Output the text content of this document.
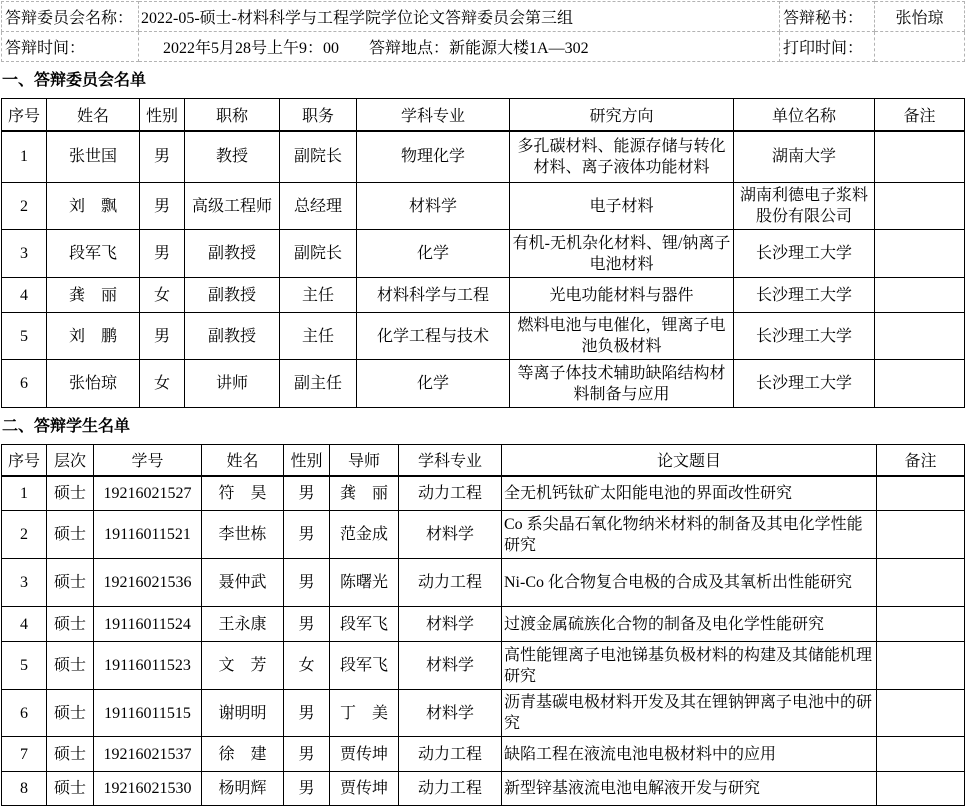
答辩委员会名称：	2022-05-硕士-材料科学与工程学院学位论文答辩委员会第三组	答辩秘书：	张怡琼
答辩时间：	2022年5月28号上午9：00 答辩地点：新能源大楼1A—302	打印时间：	
一、答辩委员会名单
序号	姓名	性别	职称	职务	学科专业	研究方向	单位名称	备注
1	张世国	男	教授	副院长	物理化学	多孔碳材料、能源存储与转化材料、离子液体功能材料	湖南大学	
2	刘　飘	男	高级工程师	总经理	材料学	电子材料	湖南利德电子浆料股份有限公司	
3	段军飞	男	副教授	副院长	化学	有机-无机杂化材料、锂/钠离子电池材料	长沙理工大学	
4	龚　丽	女	副教授	主任	材料科学与工程	光电功能材料与器件	长沙理工大学	
5	刘　鹏	男	副教授	主任	化学工程与技术	燃料电池与电催化，锂离子电池负极材料	长沙理工大学	
6	张怡琼	女	讲师	副主任	化学	等离子体技术辅助缺陷结构材料制备与应用	长沙理工大学	
二、答辩学生名单
序号	层次	学号	姓名	性别	导师	学科专业	论文题目	备注
1	硕士	19216021527	符　昊	男	龚　丽	动力工程	全无机钙钛矿太阳能电池的界面改性研究	
2	硕士	19116011521	李世栋	男	范金成	材料学	Co 系尖晶石氧化物纳米材料的制备及其电化学性能研究	
3	硕士	19216021536	聂仲武	男	陈曙光	动力工程	Ni-Co 化合物复合电极的合成及其氧析出性能研究	
4	硕士	19116011524	王永康	男	段军飞	材料学	过渡金属硫族化合物的制备及电化学性能研究	
5	硕士	19116011523	文　芳	女	段军飞	材料学	高性能锂离子电池锑基负极材料的构建及其储能机理研究	
6	硕士	19116011515	谢明明	男	丁　美	材料学	沥青基碳电极材料开发及其在锂钠钾离子电池中的研究	
7	硕士	19216021537	徐　建	男	贾传坤	动力工程	缺陷工程在液流电池电极材料中的应用	
8	硕士	19216021530	杨明辉	男	贾传坤	动力工程	新型锌基液流电池电解液开发与研究	
